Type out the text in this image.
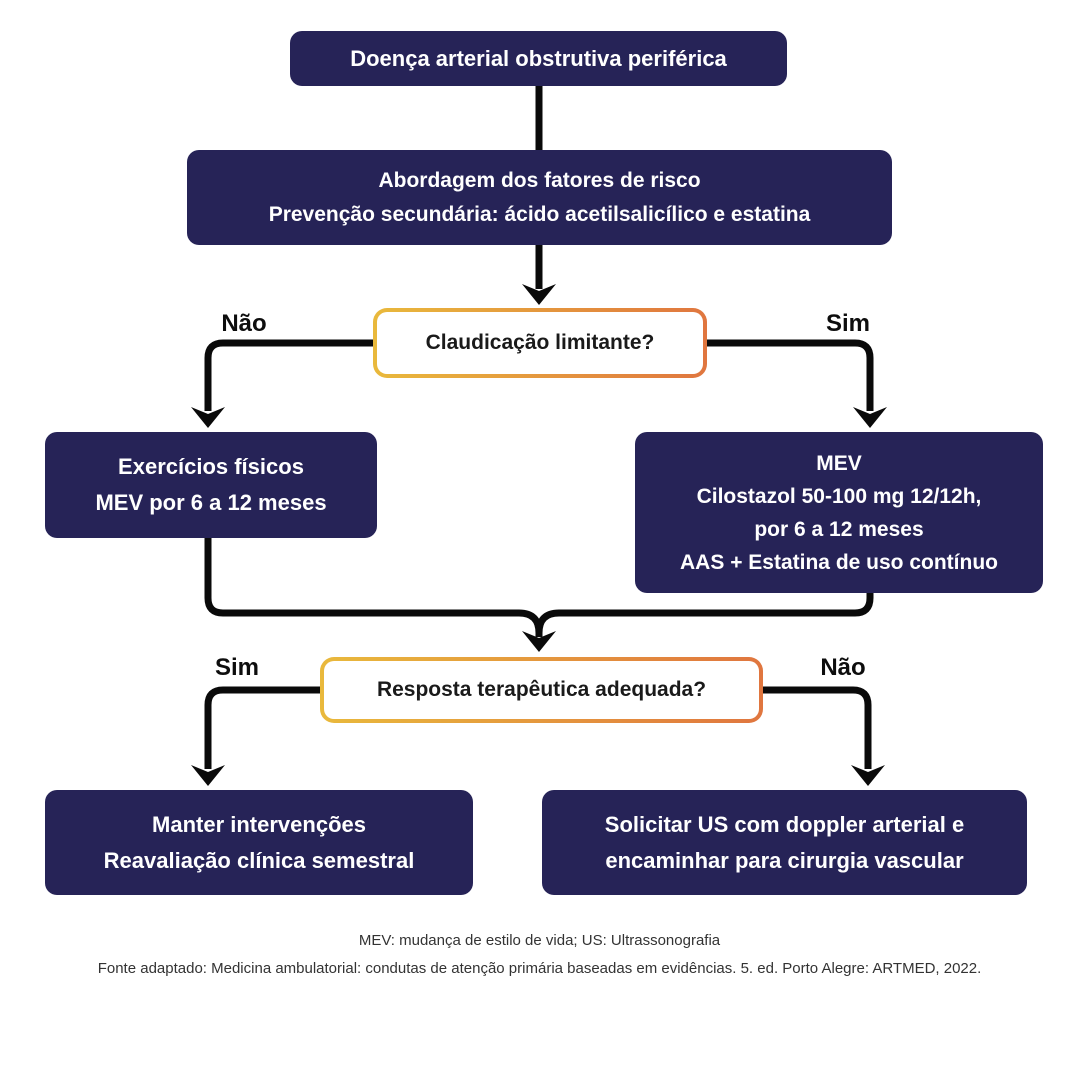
Doença arterial obstrutiva periférica
Abordagem dos fatores de risco
Prevenção secundária: ácido acetilsalicílico e estatina
Claudicação limitante?
Não	Sim
Exercícios físicos
MEV por 6 a 12 meses
MEV
Cilostazol 50-100 mg 12/12h,
por 6 a 12 meses
AAS + Estatina de uso contínuo
Resposta terapêutica adequada?
Sim	Não
Manter intervenções
Reavaliação clínica semestral
Solicitar US com doppler arterial e
encaminhar para cirurgia vascular
MEV: mudança de estilo de vida; US: Ultrassonografia
Fonte adaptado: Medicina ambulatorial: condutas de atenção primária baseadas em evidências. 5. ed. Porto Alegre: ARTMED, 2022.
